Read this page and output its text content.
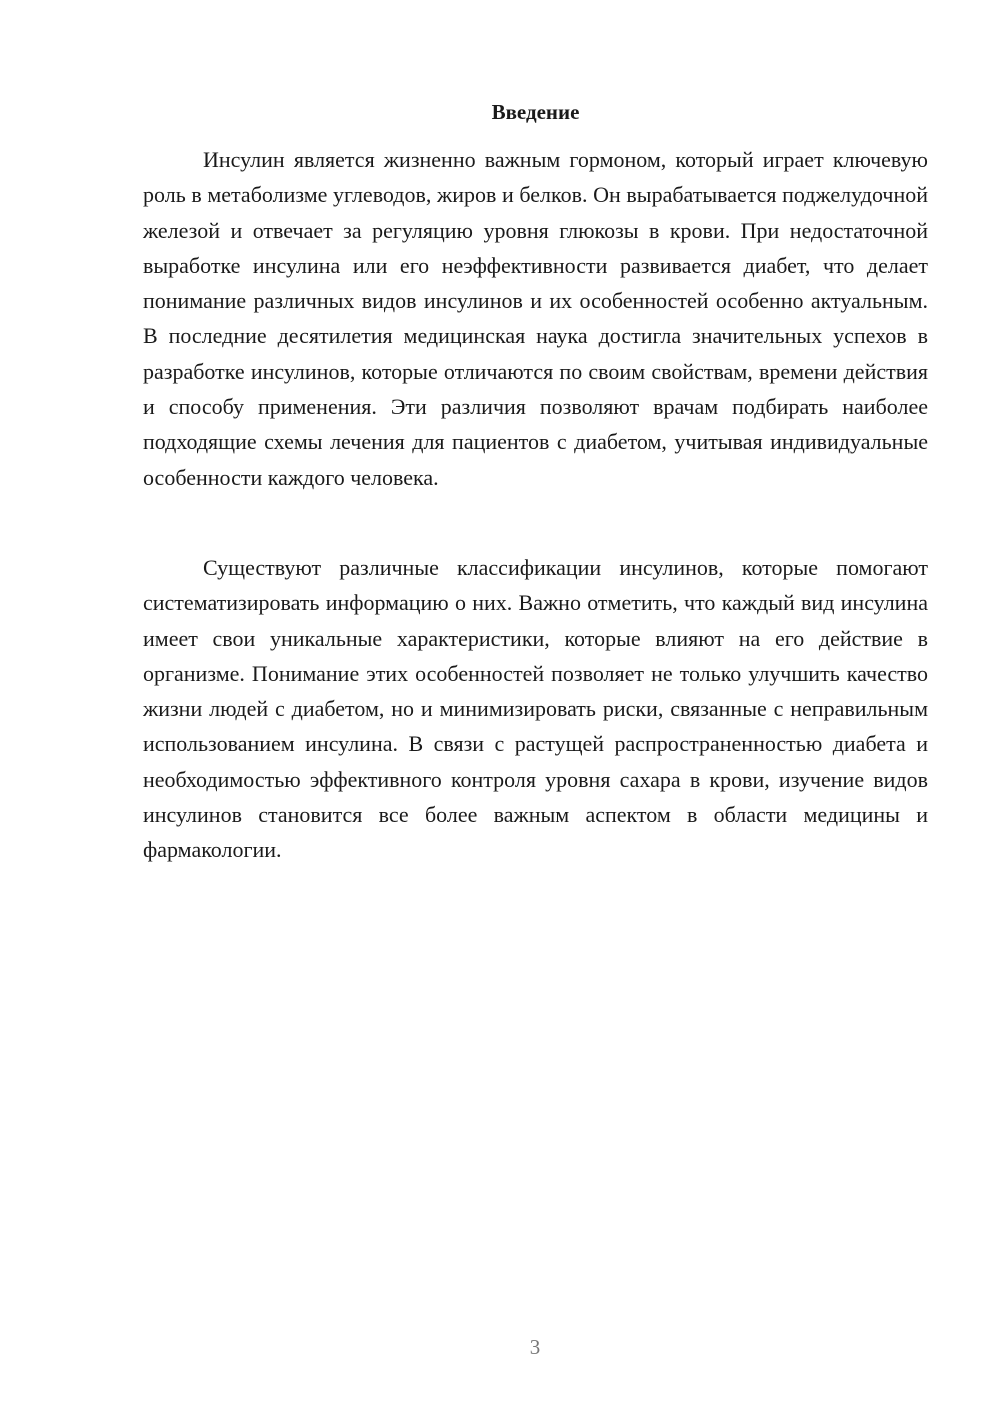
Введение

Инсулин является жизненно важным гормоном, который играет ключевую роль в метаболизме углеводов, жиров и белков. Он вырабатывается поджелудочной железой и отвечает за регуляцию уровня глюкозы в крови. При недостаточной выработке инсулина или его неэффективности развивается диабет, что делает понимание различных видов инсулинов и их особенностей особенно актуальным. В последние десятилетия медицинская наука достигла значительных успехов в разработке инсулинов, которые отличаются по своим свойствам, времени действия и способу применения. Эти различия позволяют врачам подбирать наиболее подходящие схемы лечения для пациентов с диабетом, учитывая индивидуальные особенности каждого человека.

Существуют различные классификации инсулинов, которые помогают систематизировать информацию о них. Важно отметить, что каждый вид инсулина имеет свои уникальные характеристики, которые влияют на его действие в организме. Понимание этих особенностей позволяет не только улучшить качество жизни людей с диабетом, но и минимизировать риски, связанные с неправильным использованием инсулина. В связи с растущей распространенностью диабета и необходимостью эффективного контроля уровня сахара в крови, изучение видов инсулинов становится все более важным аспектом в области медицины и фармакологии.

3
